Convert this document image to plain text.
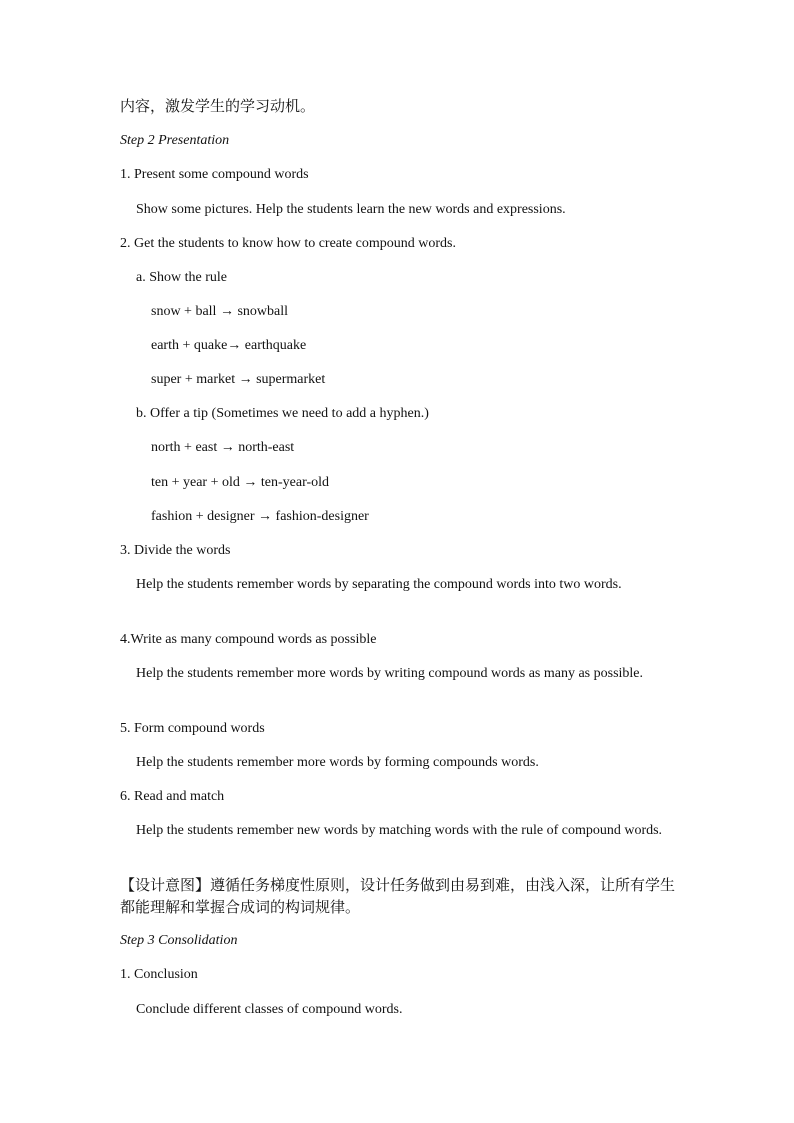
内容，激发学生的学习动机。
Step 2 Presentation
1. Present some compound words
Show some pictures. Help the students learn the new words and expressions.
2. Get the students to know how to create compound words.
a. Show the rule
snow + ball → snowball
earth + quake→ earthquake
super + market → supermarket
b. Offer a tip (Sometimes we need to add a hyphen.)
north + east → north-east
ten + year + old → ten-year-old
fashion + designer → fashion-designer
3. Divide the words
Help the students remember words by separating the compound words into two words.
4.Write as many compound words as possible
Help the students remember more words by writing compound words as many as possible.
5. Form compound words
Help the students remember more words by forming compounds words.
6. Read and match
Help the students remember new words by matching words with the rule of compound words.
【设计意图】遵循任务梯度性原则，设计任务做到由易到难，由浅入深，让所有学生都能理解和掌握合成词的构词规律。
Step 3 Consolidation
1. Conclusion
Conclude different classes of compound words.
